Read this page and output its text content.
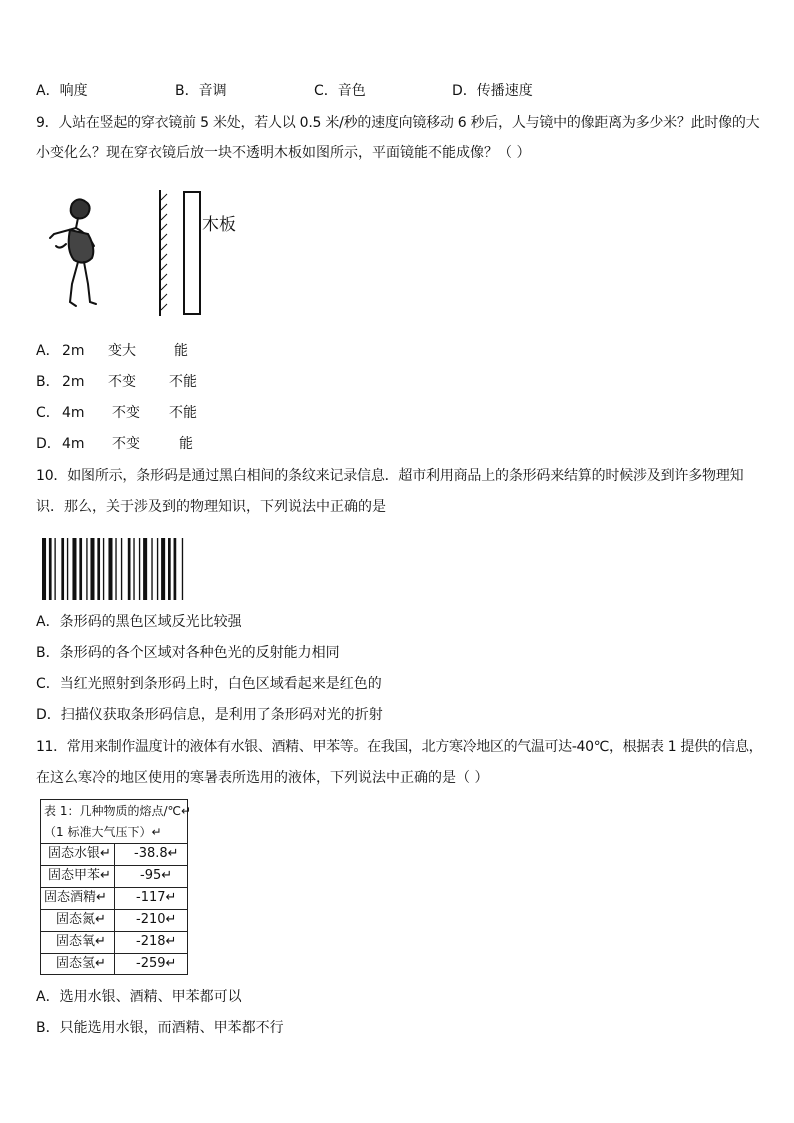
A．响度	B．音调	C．音色	D．传播速度
9．人站在竖起的穿衣镜前 5 米处，若人以 0.5 米/秒的速度向镜移动 6 秒后，人与镜中的像距离为多少米？此时像的大
小变化么？现在穿衣镜后放一块不透明木板如图所示，平面镜能不能成像？（ ）
木板
A． 2m 变大	能
B． 2m 不变 不能
C． 4m 不变 不能
D． 4m 不变	能
10．如图所示，条形码是通过黑白相间的条纹来记录信息．超市利用商品上的条形码来结算的时候涉及到许多物理知
识．那么，关于涉及到的物理知识，下列说法中正确的是
A．条形码的黑色区域反光比较强
B．条形码的各个区域对各种色光的反射能力相同
C．当红光照射到条形码上时，白色区域看起来是红色的
D．扫描仪获取条形码信息，是利用了条形码对光的折射
11．常用来制作温度计的液体有水银、酒精、甲苯等。在我国，北方寒冷地区的气温可达-40℃，根据表 1 提供的信息，
在这么寒冷的地区使用的寒暑表所选用的液体，下列说法中正确的是（ ）
表 1：几种物质的熔点/℃↵
（1 标准大气压下）↵
固态水银↵ -38.8↵
固态甲苯↵ -95↵
固态酒精↵ -117↵
固态氮↵ -210↵
固态氧↵ -218↵
固态氢↵ -259↵
A．选用水银、酒精、甲苯都可以
B．只能选用水银，而酒精、甲苯都不行
